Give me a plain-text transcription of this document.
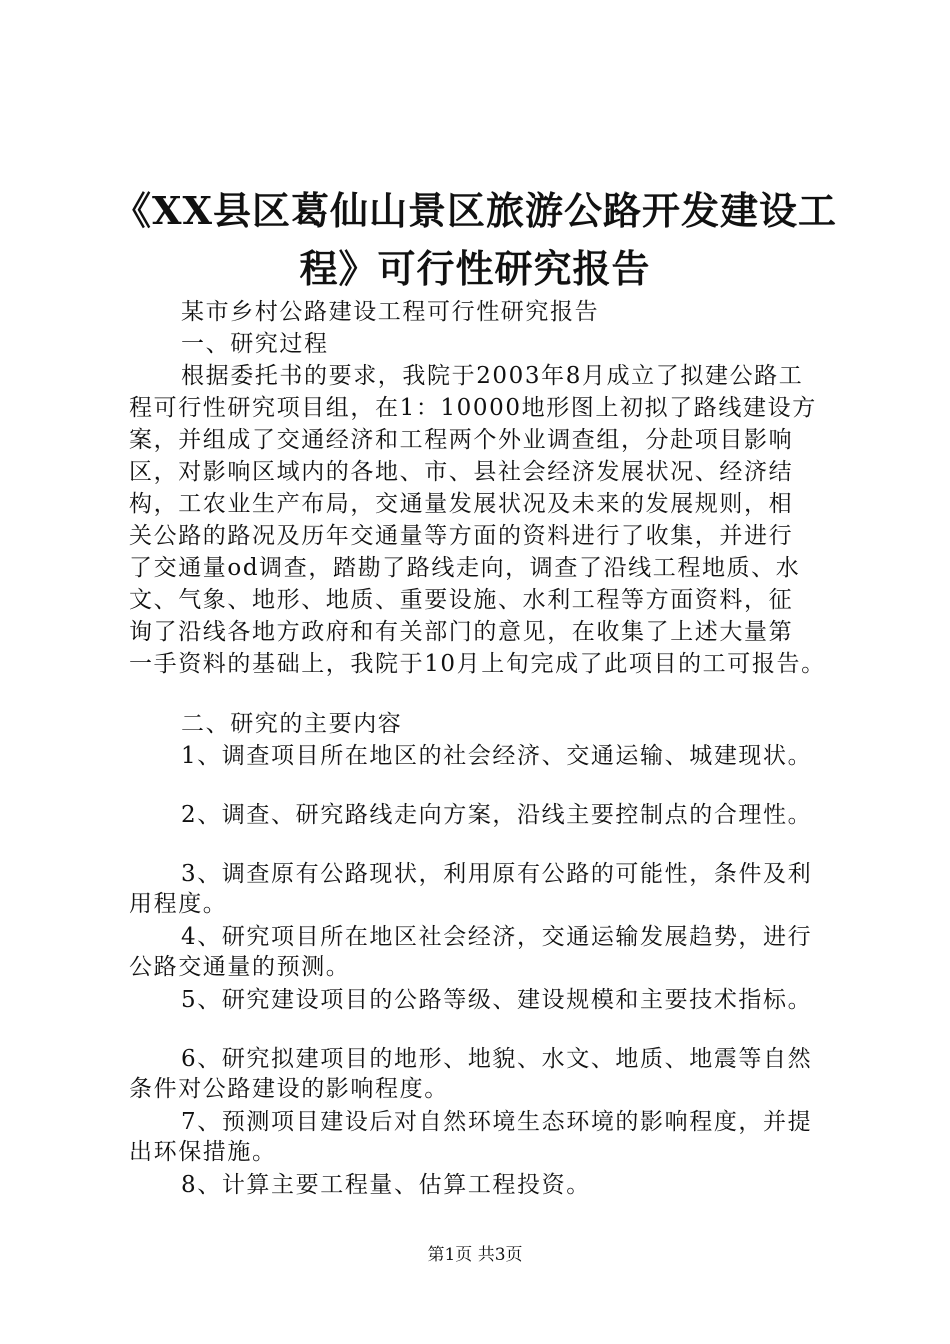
《XX县区葛仙山景区旅游公路开发建设工
程》可行性研究报告
某市乡村公路建设工程可行性研究报告
一、研究过程
根据委托书的要求，我院于2003年8月成立了拟建公路工
程可行性研究项目组，在1：10000地形图上初拟了路线建设方
案，并组成了交通经济和工程两个外业调查组，分赴项目影响
区，对影响区域内的各地、市、县社会经济发展状况、经济结
构，工农业生产布局，交通量发展状况及未来的发展规则，相
关公路的路况及历年交通量等方面的资料进行了收集，并进行
了交通量od调查，踏勘了路线走向，调查了沿线工程地质、水
文、气象、地形、地质、重要设施、水利工程等方面资料，征
询了沿线各地方政府和有关部门的意见，在收集了上述大量第
一手资料的基础上，我院于10月上旬完成了此项目的工可报告。
二、研究的主要内容
1、调查项目所在地区的社会经济、交通运输、城建现状。
2、调查、研究路线走向方案，沿线主要控制点的合理性。
3、调查原有公路现状，利用原有公路的可能性，条件及利
用程度。
4、研究项目所在地区社会经济，交通运输发展趋势，进行
公路交通量的预测。
5、研究建设项目的公路等级、建设规模和主要技术指标。
6、研究拟建项目的地形、地貌、水文、地质、地震等自然
条件对公路建设的影响程度。
7、预测项目建设后对自然环境生态环境的影响程度，并提
出环保措施。
8、计算主要工程量、估算工程投资。
第1页 共3页
